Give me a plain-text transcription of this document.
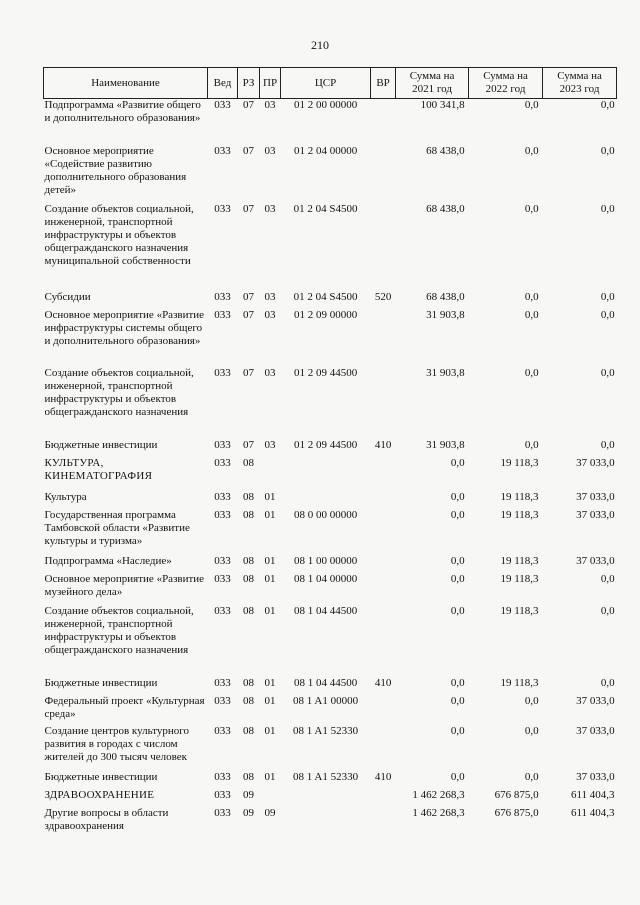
210
Наименование	Вед	РЗ	ПР	ЦСР	ВР	Сумма на 2021 год	Сумма на 2022 год	Сумма на 2023 год
Подпрограмма «Развитие общего и дополнительного образования»	033	07	03	01 2 00 00000		100 341,8	0,0	0,0
Основное мероприятие «Содействие развитию дополнительного образования детей»	033	07	03	01 2 04 00000		68 438,0	0,0	0,0
Создание объектов социальной, инженерной, транспортной инфраструктуры и объектов общегражданского назначения муниципальной собственности	033	07	03	01 2 04 S4500		68 438,0	0,0	0,0
Субсидии	033	07	03	01 2 04 S4500	520	68 438,0	0,0	0,0
Основное мероприятие «Развитие инфраструктуры системы общего и дополнительного образования»	033	07	03	01 2 09 00000		31 903,8	0,0	0,0
Создание объектов социальной, инженерной, транспортной инфраструктуры и объектов общегражданского назначения	033	07	03	01 2 09 44500		31 903,8	0,0	0,0
Бюджетные инвестиции	033	07	03	01 2 09 44500	410	31 903,8	0,0	0,0
КУЛЬТУРА, КИНЕМАТОГРАФИЯ	033	08				0,0	19 118,3	37 033,0
Культура	033	08	01			0,0	19 118,3	37 033,0
Государственная программа Тамбовской области «Развитие культуры и туризма»	033	08	01	08 0 00 00000		0,0	19 118,3	37 033,0
Подпрограмма «Наследие»	033	08	01	08 1 00 00000		0,0	19 118,3	37 033,0
Основное мероприятие «Развитие музейного дела»	033	08	01	08 1 04 00000		0,0	19 118,3	0,0
Создание объектов социальной, инженерной, транспортной инфраструктуры и объектов общегражданского назначения	033	08	01	08 1 04 44500		0,0	19 118,3	0,0
Бюджетные инвестиции	033	08	01	08 1 04 44500	410	0,0	19 118,3	0,0
Федеральный проект «Культурная среда»	033	08	01	08 1 A1 00000		0,0	0,0	37 033,0
Создание центров культурного развития в городах с числом жителей до 300 тысяч человек	033	08	01	08 1 A1 52330		0,0	0,0	37 033,0
Бюджетные инвестиции	033	08	01	08 1 A1 52330	410	0,0	0,0	37 033,0
ЗДРАВООХРАНЕНИЕ	033	09				1 462 268,3	676 875,0	611 404,3
Другие вопросы в области здравоохранения	033	09	09			1 462 268,3	676 875,0	611 404,3
